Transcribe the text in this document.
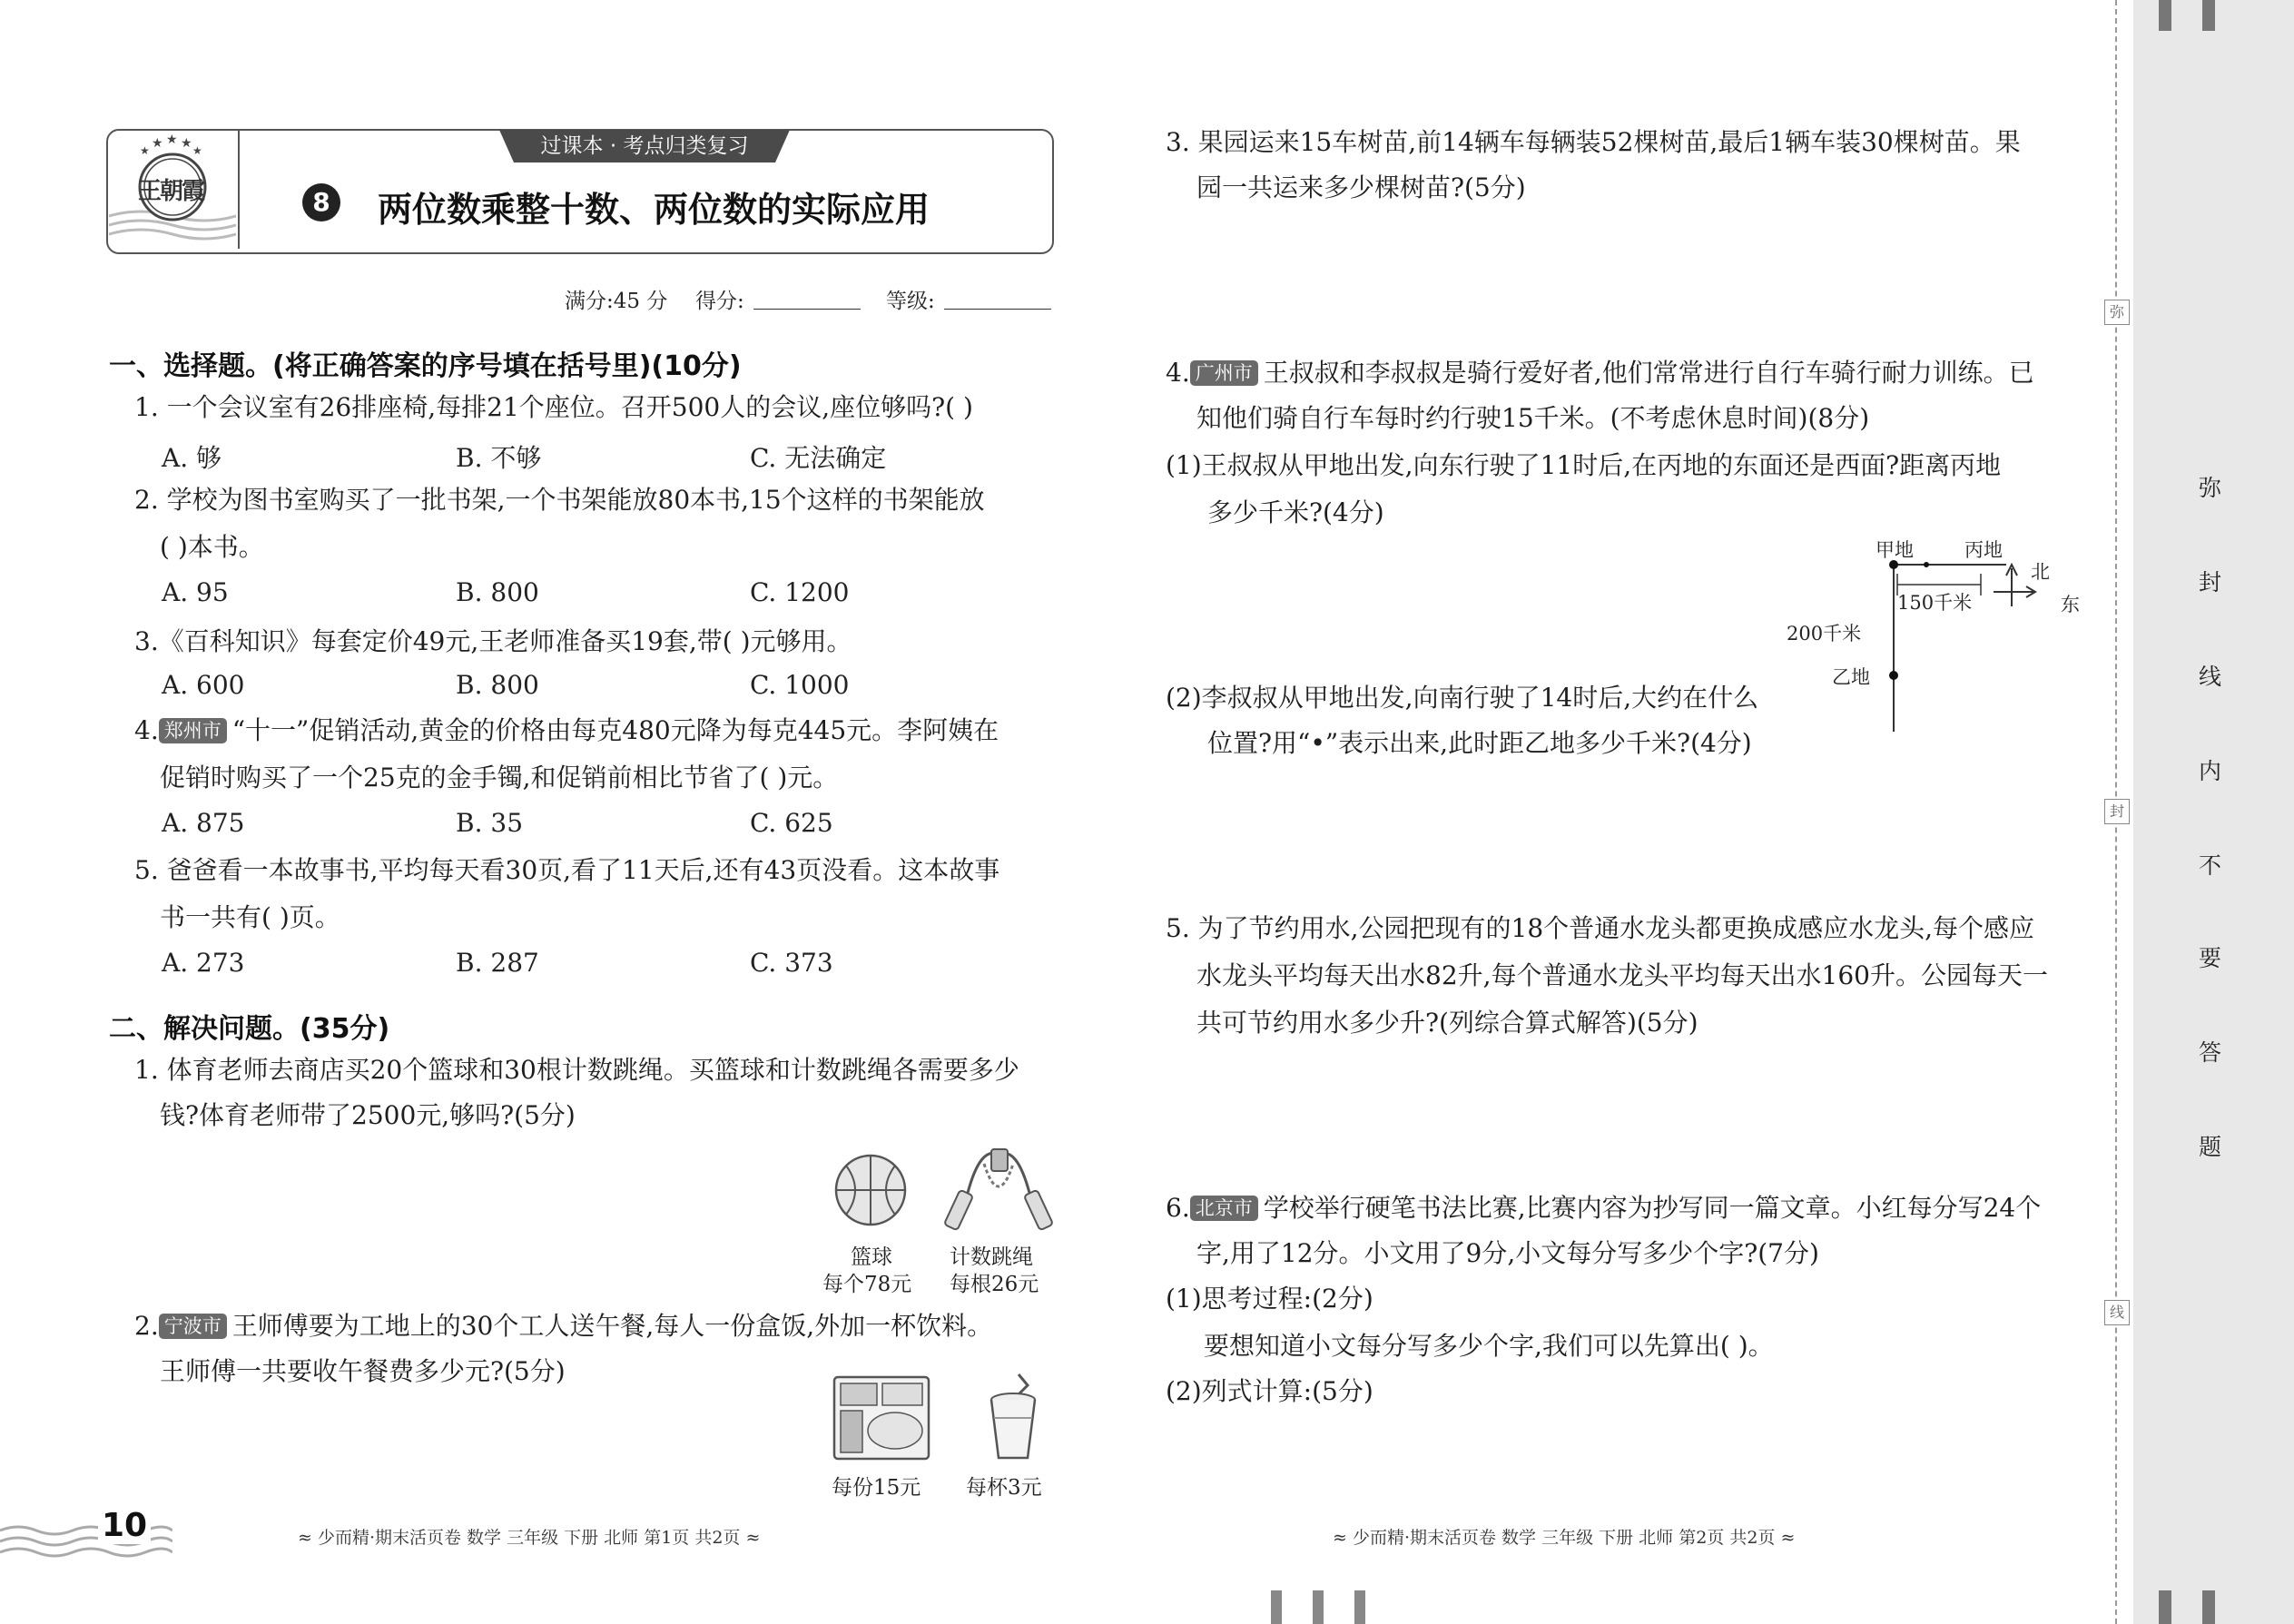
★ ★ ★
★	★
王朝霞
过课本 · 考点归类复习
8 两位数乘整十数、两位数的实际应用
满分:45 分 得分:	等级:
一、选择题。(将正确答案的序号填在括号里)(10分)
1. 一个会议室有26排座椅,每排21个座位。召开500人的会议,座位够吗?( )
A. 够	B. 不够	C. 无法确定
2. 学校为图书室购买了一批书架,一个书架能放80本书,15个这样的书架能放
( )本书。
A. 95	B. 800	C. 1200
3.《百科知识》每套定价49元,王老师准备买19套,带( )元够用。
A. 600	B. 800	C. 1000
4. 郑州市 “十一”促销活动,黄金的价格由每克480元降为每克445元。李阿姨在
促销时购买了一个25克的金手镯,和促销前相比节省了( )元。
A. 875	B. 35	C. 625
5. 爸爸看一本故事书,平均每天看30页,看了11天后,还有43页没看。这本故事
书一共有( )页。
A. 273	B. 287	C. 373
二、解决问题。(35分)
1. 体育老师去商店买20个篮球和30根计数跳绳。买篮球和计数跳绳各需要多少
钱?体育老师带了2500元,够吗?(5分)
篮球
每个78元
计数跳绳
每根26元
2. 宁波市 王师傅要为工地上的30个工人送午餐,每人一份盒饭,外加一杯饮料。
王师傅一共要收午餐费多少元?(5分)
每份15元 每杯3元
3. 果园运来15车树苗,前14辆车每辆装52棵树苗,最后1辆车装30棵树苗。果
园一共运来多少棵树苗?(5分)
4. 广州市 王叔叔和李叔叔是骑行爱好者,他们常常进行自行车骑行耐力训练。已
知他们骑自行车每时约行驶15千米。(不考虑休息时间)(8分)
(1)王叔叔从甲地出发,向东行驶了11时后,在丙地的东面还是西面?距离丙地
多少千米?(4分)
甲地	丙地
150千米
200千米
乙地
北
东
(2)李叔叔从甲地出发,向南行驶了14时后,大约在什么
位置?用“•”表示出来,此时距乙地多少千米?(4分)
5. 为了节约用水,公园把现有的18个普通水龙头都更换成感应水龙头,每个感应
水龙头平均每天出水82升,每个普通水龙头平均每天出水160升。公园每天一
共可节约用水多少升?(列综合算式解答)(5分)
6. 北京市 学校举行硬笔书法比赛,比赛内容为抄写同一篇文章。小红每分写24个
字,用了12分。小文用了9分,小文每分写多少个字?(7分)
(1)思考过程:(2分)
要想知道小文每分写多少个字,我们可以先算出( )。
(2)列式计算:(5分)
10	≈ 少而精·期末活页卷 数学 三年级 下册 北师 第1页 共2页 ≈	≈ 少而精·期末活页卷 数学 三年级 下册 北师 第2页 共2页 ≈
弥
封
线
弥
封
线
内
不
要
答
题
